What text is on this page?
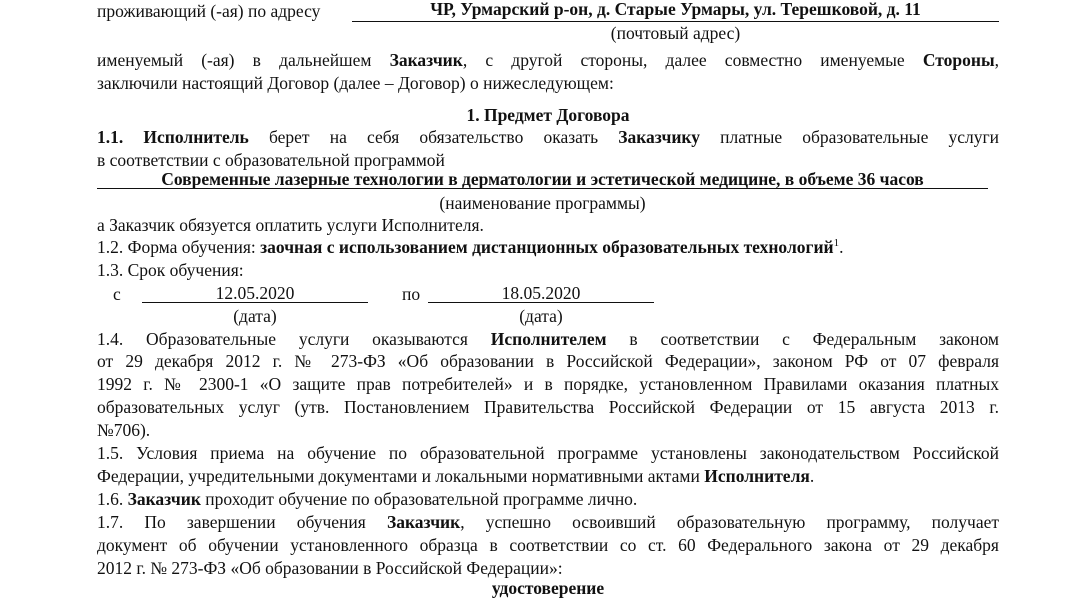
проживающий (-ая) по адресу	ЧР, Урмарский р-он, д. Старые Урмары, ул. Терешковой, д. 11
(почтовый адрес)
именуемый (-ая) в дальнейшем Заказчик, с другой стороны, далее совместно именуемые Стороны,
заключили настоящий Договор (далее – Договор) о нижеследующем:
1. Предмет Договора
1.1. Исполнитель берет на себя обязательство оказать Заказчику платные образовательные услуги
в соответствии с образовательной программой
Современные лазерные технологии в дерматологии и эстетической медицине, в объеме 36 часов
(наименование программы)
а Заказчик обязуется оплатить услуги Исполнителя.
1.2. Форма обучения: заочная с использованием дистанционных образовательных технологий$^1$.
1.3. Срок обучения:
с	12.05.2020
(дата)
по	18.05.2020
(дата)
1.4. Образовательные услуги оказываются Исполнителем в соответствии с Федеральным законом
от 29 декабря 2012 г. № 273-ФЗ «Об образовании в Российской Федерации», законом РФ от 07 февраля
1992 г. № 2300-1 «О защите прав потребителей» и в порядке, установленном Правилами оказания платных
образовательных услуг (утв. Постановлением Правительства Российской Федерации от 15 августа 2013 г.
№706).
1.5. Условия приема на обучение по образовательной программе установлены законодательством Российской
Федерации, учредительными документами и локальными нормативными актами Исполнителя.
1.6. Заказчик проходит обучение по образовательной программе лично.
1.7. По завершении обучения Заказчик, успешно освоивший образовательную программу, получает
документ об обучении установленного образца в соответствии со ст. 60 Федерального закона от 29 декабря
2012 г. № 273-ФЗ «Об образовании в Российской Федерации»:
удостоверение
